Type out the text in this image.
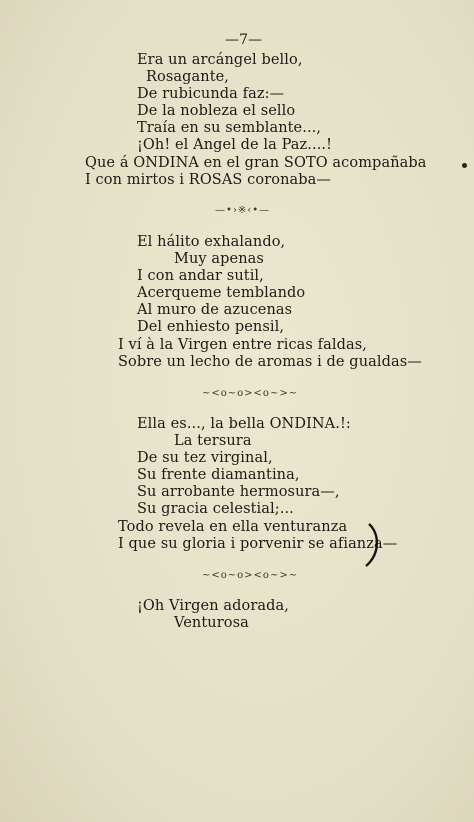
—7—
Era un arcángel bello,
Rosagante,
De rubicunda faz:—
De la nobleza el sello
Traía en su semblante...,
¡Oh! el Angel de la Paz....!
Que á ONDINA en el gran SOTO acompañaba
I con mirtos i ROSAS coronaba—
—•›※‹•—
El hálito exhalando,
Muy apenas
I con andar sutil,
Acerqueme temblando
Al muro de azucenas
Del enhiesto pensil,
I ví à la Virgen entre ricas faldas,
Sobre un lecho de aromas i de gualdas—
~<o~o><o~>~
Ella es..., la bella ONDINA.!:
La tersura
De su tez virginal,
Su frente diamantina,
Su arrobante hermosura—,
Su gracia celestial;...
Todo revela en ella venturanza
I que su gloria i porvenir se afianza—
~<o~o><o~>~
¡Oh Virgen adorada,
Venturosa
